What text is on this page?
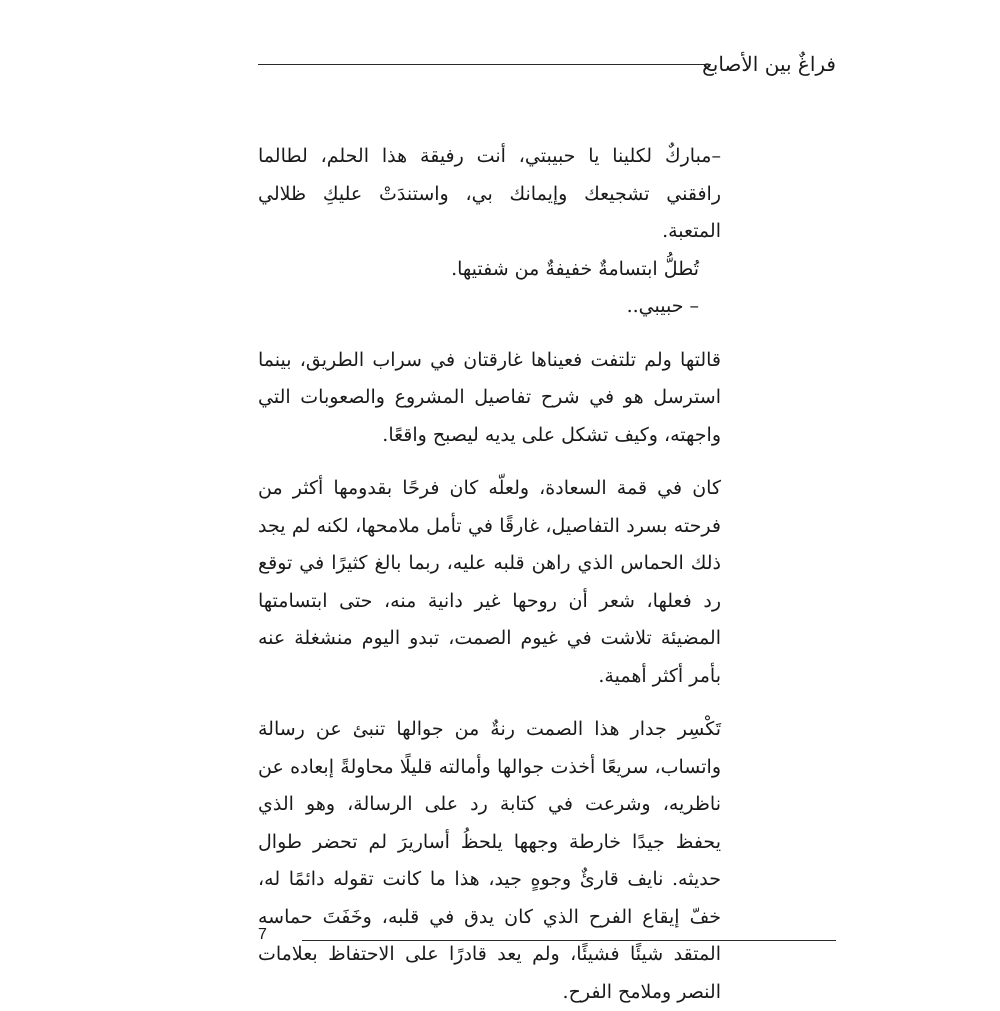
فراغٌ بين الأصابع

–مباركٌ لكلينا يا حبيبتي، أنت رفيقة هذا الحلم، لطالما رافقني تشجيعك وإيمانك بي، واستندَتْ عليكِ ظلالي المتعبة.

تُطلُّ ابتسامةٌ خفيفةٌ من شفتيها.

– حبيبي..

قالتها ولم تلتفت فعيناها غارقتان في سراب الطريق، بينما استرسل هو في شرح تفاصيل المشروع والصعوبات التي واجهته، وكيف تشكل على يديه ليصبح واقعًا.

كان في قمة السعادة، ولعلّه كان فرحًا بقدومها أكثر من فرحته بسرد التفاصيل، غارقًا في تأمل ملامحها، لكنه لم يجد ذلك الحماس الذي راهن قلبه عليه، ربما بالغ كثيرًا في توقع رد فعلها، شعر أن روحها غير دانية منه، حتى ابتسامتها المضيئة تلاشت في غيوم الصمت، تبدو اليوم منشغلة عنه بأمر أكثر أهمية.

تَكْسِر جدار هذا الصمت رنةٌ من جوالها تنبئ عن رسالة واتساب، سريعًا أخذت جوالها وأمالته قليلًا محاولةً إبعاده عن ناظريه، وشرعت في كتابة رد على الرسالة، وهو الذي يحفظ جيدًا خارطة وجهها يلحظُ أساريرَ لم تحضر طوال حديثه. نايف قارئٌ وجوهٍ جيد، هذا ما كانت تقوله دائمًا له، خفّ إيقاع الفرح الذي كان يدق في قلبه، وخَفَتَ حماسه المتقد شيئًا فشيئًا، ولم يعد قادرًا على الاحتفاظ بعلامات النصر وملامح الفرح.

7
